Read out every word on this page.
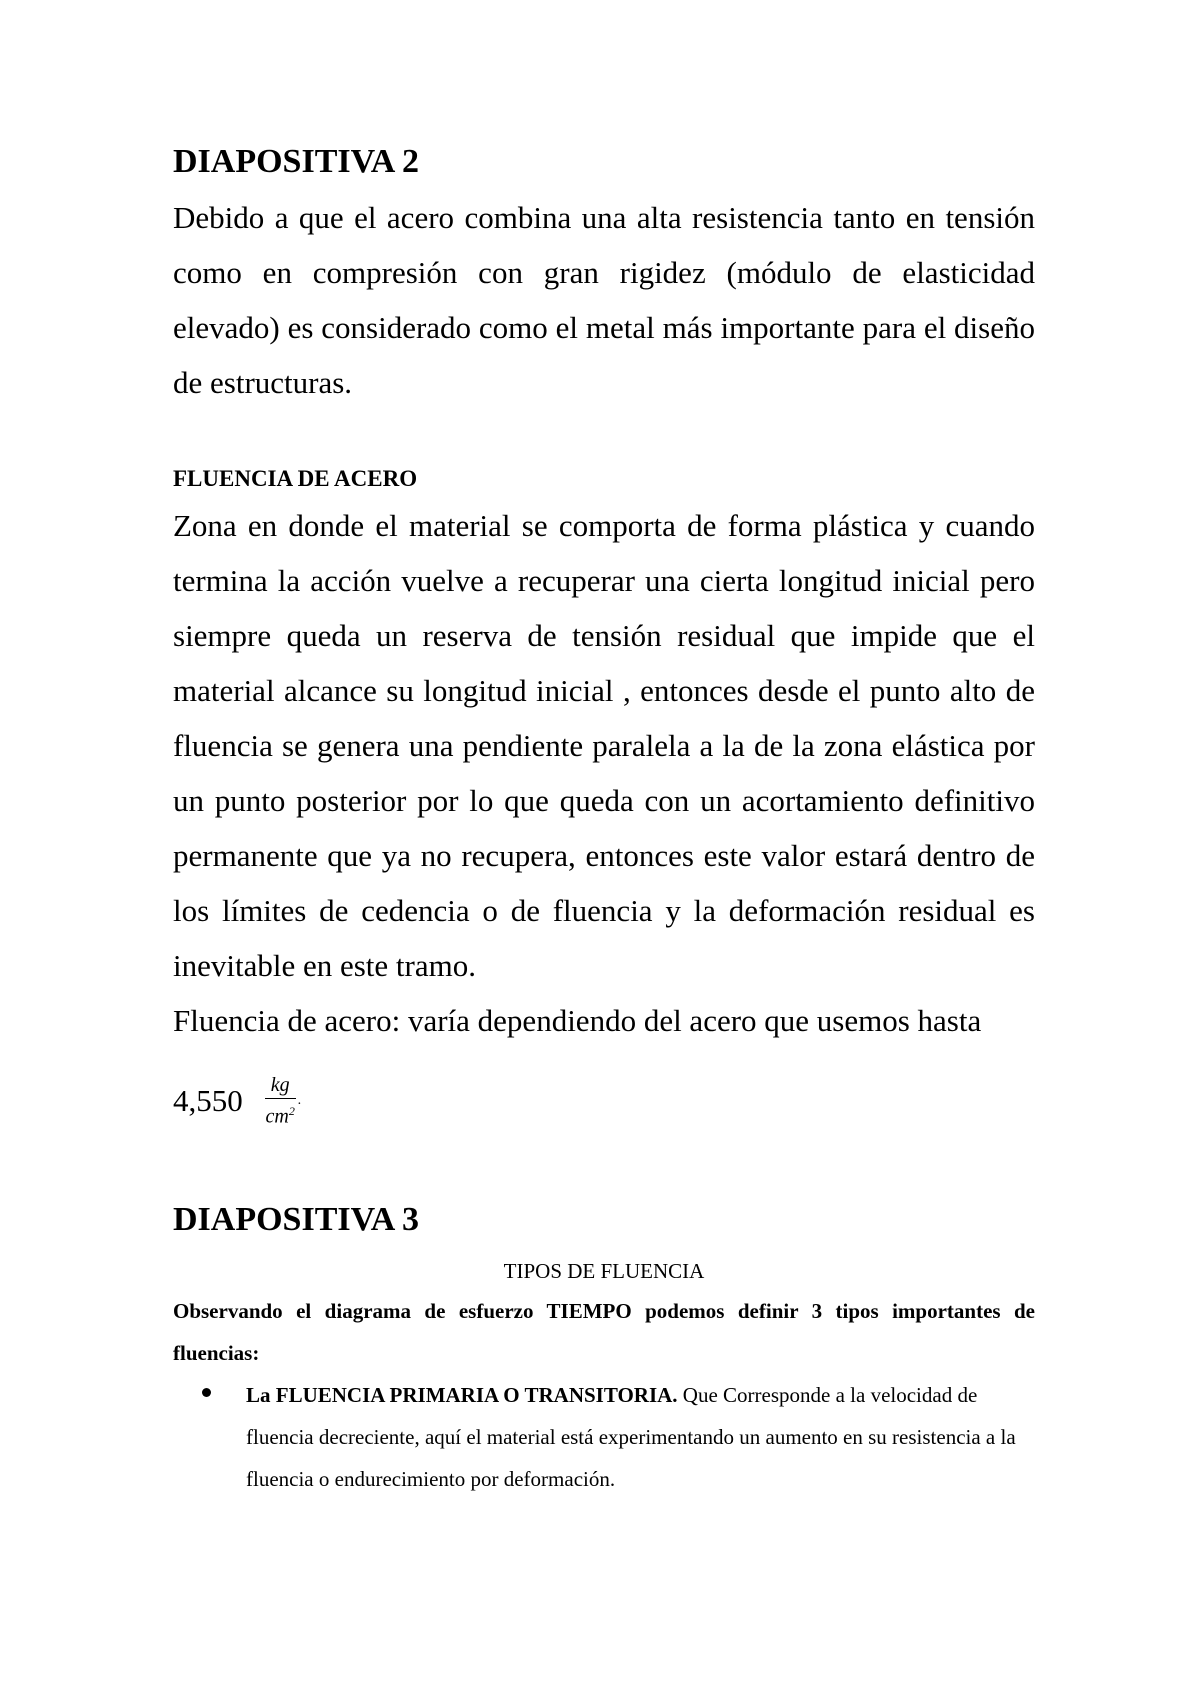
DIAPOSITIVA 2

Debido a que el acero combina una alta resistencia tanto en tensión como en compresión con gran rigidez (módulo de elasticidad elevado) es considerado como el metal más importante para el diseño de estructuras.

FLUENCIA DE ACERO

Zona en donde el material se comporta de forma plástica y cuando termina la acción vuelve a recuperar una cierta longitud inicial pero siempre queda un reserva de tensión residual que impide que el material alcance su longitud inicial , entonces desde el punto alto de fluencia se genera una pendiente paralela a la de la zona elástica por un punto posterior por lo que queda con un acortamiento definitivo permanente que ya no recupera, entonces este valor estará dentro de los límites de cedencia o de fluencia y la deformación residual es inevitable en este tramo.

Fluencia de acero: varía dependiendo del acero que usemos hasta

$4,550 \frac{kg}{cm^2}$ .
DIAPOSITIVA 3

TIPOS DE FLUENCIA

Observando el diagrama de esfuerzo TIEMPO podemos definir 3 tipos importantes de fluencias:

La FLUENCIA PRIMARIA O TRANSITORIA. Que Corresponde a la velocidad de fluencia decreciente, aquí el material está experimentando un aumento en su resistencia a la fluencia o endurecimiento por deformación.
